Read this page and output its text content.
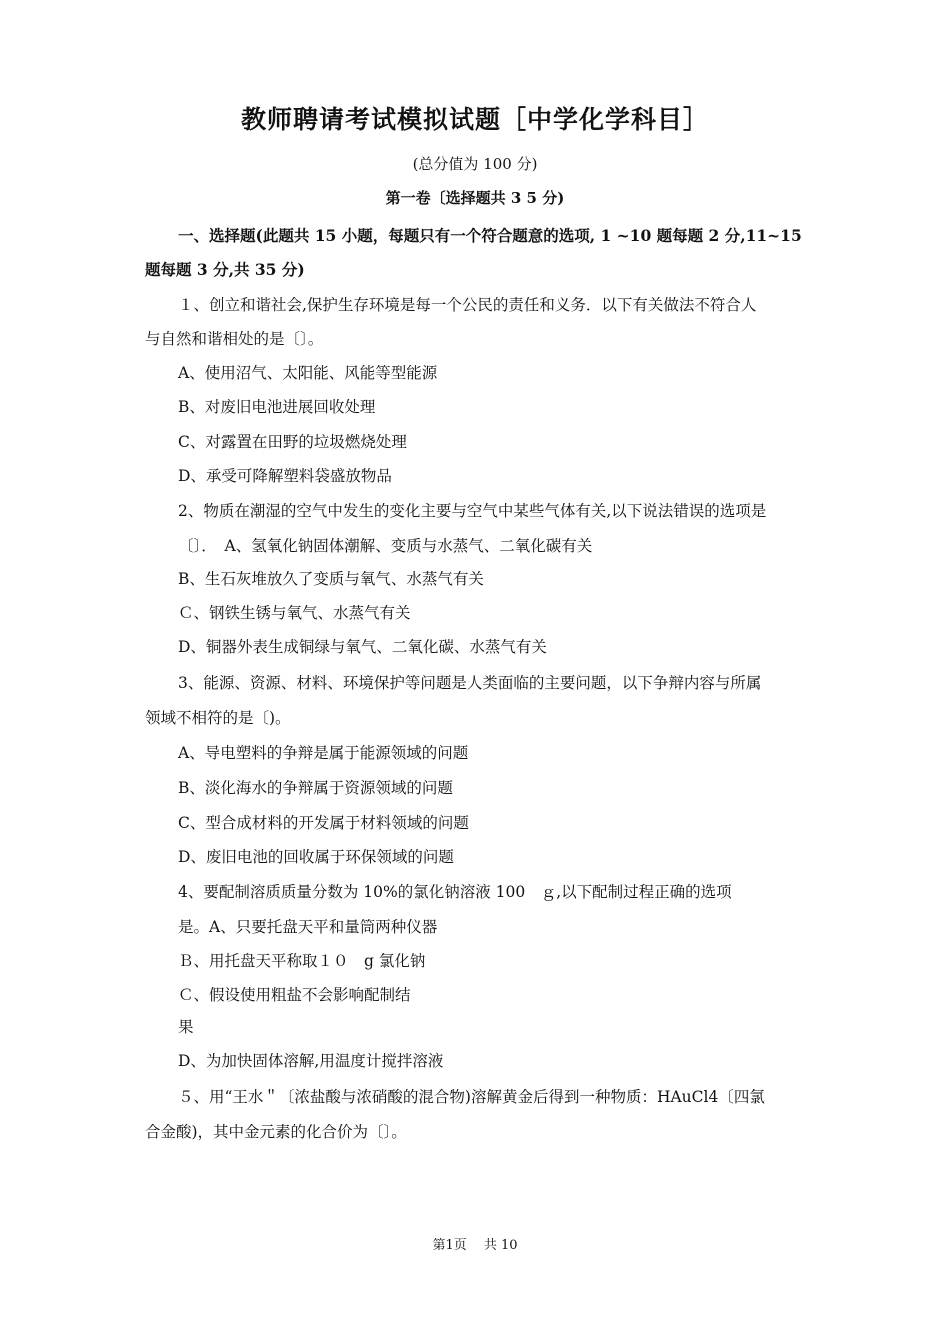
教师聘请考试模拟试题［中学化学科目］
(总分值为 100 分)
第一卷〔选择题共 3 5 分)
一、选择题(此题共 15 小题，每题只有一个符合题意的选项, 1 ~10 题每题 2 分,11~15
题每题 3 分,共 35 分)
１、创立和谐社会,保护生存环境是每一个公民的责任和义务．以下有关做法不符合人
与自然和谐相处的是〔〕。
A、使用沼气、太阳能、风能等型能源
B、对废旧电池进展回收处理
C、对露置在田野的垃圾燃烧处理
D、承受可降解塑料袋盛放物品
2、物质在潮湿的空气中发生的变化主要与空气中某些气体有关,以下说法错误的选项是
〔〕．　A、氢氧化钠固体潮解、变质与水蒸气、二氧化碳有关
B、生石灰堆放久了变质与氧气、水蒸气有关
Ｃ、钢铁生锈与氧气、水蒸气有关
D、铜器外表生成铜绿与氧气、二氧化碳、水蒸气有关
3、能源、资源、材料、环境保护等问题是人类面临的主要问题，以下争辩内容与所属
领域不相符的是〔)。
A、导电塑料的争辩是属于能源领域的问题
B、淡化海水的争辩属于资源领域的问题
C、型合成材料的开发属于材料领域的问题
D、废旧电池的回收属于环保领域的问题
4、要配制溶质质量分数为 10%的氯化钠溶液 100　ｇ,以下配制过程正确的选项
是。A、只要托盘天平和量筒两种仪器
Ｂ、用托盘天平称取１０　g 氯化钠
Ｃ、假设使用粗盐不会影响配制结
果
D、为加快固体溶解,用温度计搅拌溶液
５、用“王水＂〔浓盐酸与浓硝酸的混合物)溶解黄金后得到一种物质：HAuCl4〔四氯
合金酸)，其中金元素的化合价为〔〕。
第1页　 共 10
